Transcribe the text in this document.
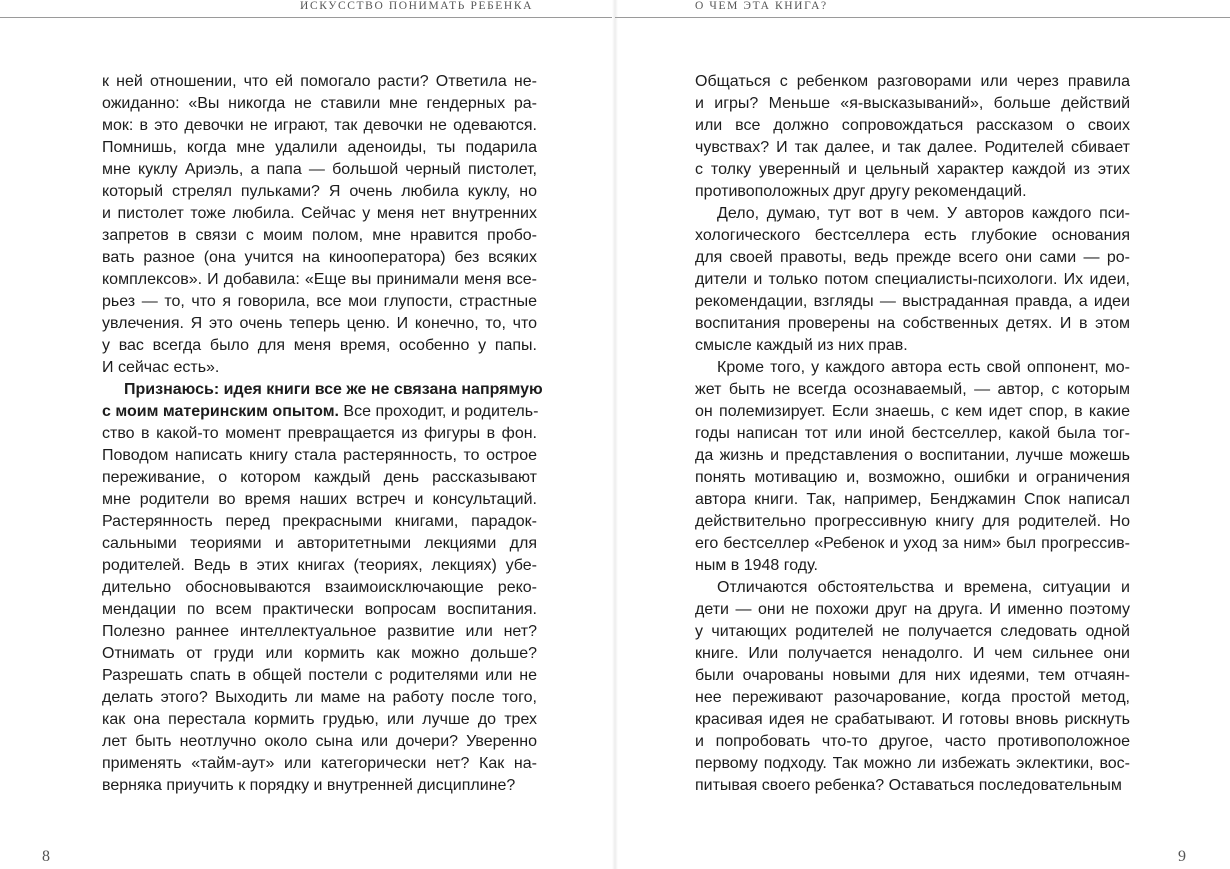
ИСКУССТВО ПОНИМАТЬ РЕБЕНКА
к ней отношении, что ей помогало расти? Ответила не-
ожиданно: «Вы никогда не ставили мне гендерных ра-
мок: в это девочки не играют, так девочки не одеваются.
Помнишь, когда мне удалили аденоиды, ты подарила
мне куклу Ариэль, а папа — большой черный пистолет,
который стрелял пульками? Я очень любила куклу, но
и пистолет тоже любила. Сейчас у меня нет внутренних
запретов в связи с моим полом, мне нравится пробо-
вать разное (она учится на кинооператора) без всяких
комплексов». И добавила: «Еще вы принимали меня все-
рьез — то, что я говорила, все мои глупости, страстные
увлечения. Я это очень теперь ценю. И конечно, то, что
у вас всегда было для меня время, особенно у папы.
И сейчас есть».
Признаюсь: идея книги все же не связана напрямую
с моим материнским опытом. Все проходит, и родитель-
ство в какой-то момент превращается из фигуры в фон.
Поводом написать книгу стала растерянность, то острое
переживание, о котором каждый день рассказывают
мне родители во время наших встреч и консультаций.
Растерянность перед прекрасными книгами, парадок-
сальными теориями и авторитетными лекциями для
родителей. Ведь в этих книгах (теориях, лекциях) убе-
дительно обосновываются взаимоисключающие реко-
мендации по всем практически вопросам воспитания.
Полезно раннее интеллектуальное развитие или нет?
Отнимать от груди или кормить как можно дольше?
Разрешать спать в общей постели с родителями или не
делать этого? Выходить ли маме на работу после того,
как она перестала кормить грудью, или лучше до трех
лет быть неотлучно около сына или дочери? Уверенно
применять «тайм-аут» или категорически нет? Как на-
верняка приучить к порядку и внутренней дисциплине?
8
О ЧЕМ ЭТА КНИГА?
Общаться с ребенком разговорами или через правила
и игры? Меньше «я-высказываний», больше действий
или все должно сопровождаться рассказом о своих
чувствах? И так далее, и так далее. Родителей сбивает
с толку уверенный и цельный характер каждой из этих
противоположных друг другу рекомендаций.
Дело, думаю, тут вот в чем. У авторов каждого пси-
хологического бестселлера есть глубокие основания
для своей правоты, ведь прежде всего они сами — ро-
дители и только потом специалисты-психологи. Их идеи,
рекомендации, взгляды — выстраданная правда, а идеи
воспитания проверены на собственных детях. И в этом
смысле каждый из них прав.
Кроме того, у каждого автора есть свой оппонент, мо-
жет быть не всегда осознаваемый, — автор, с которым
он полемизирует. Если знаешь, с кем идет спор, в какие
годы написан тот или иной бестселлер, какой была тог-
да жизнь и представления о воспитании, лучше можешь
понять мотивацию и, возможно, ошибки и ограничения
автора книги. Так, например, Бенджамин Спок написал
действительно прогрессивную книгу для родителей. Но
его бестселлер «Ребенок и уход за ним» был прогрессив-
ным в 1948 году.
Отличаются обстоятельства и времена, ситуации и
дети — они не похожи друг на друга. И именно поэтому
у читающих родителей не получается следовать одной
книге. Или получается ненадолго. И чем сильнее они
были очарованы новыми для них идеями, тем отчаян-
нее переживают разочарование, когда простой метод,
красивая идея не срабатывают. И готовы вновь рискнуть
и попробовать что-то другое, часто противоположное
первому подходу. Так можно ли избежать эклектики, вос-
питывая своего ребенка? Оставаться последовательным
9
